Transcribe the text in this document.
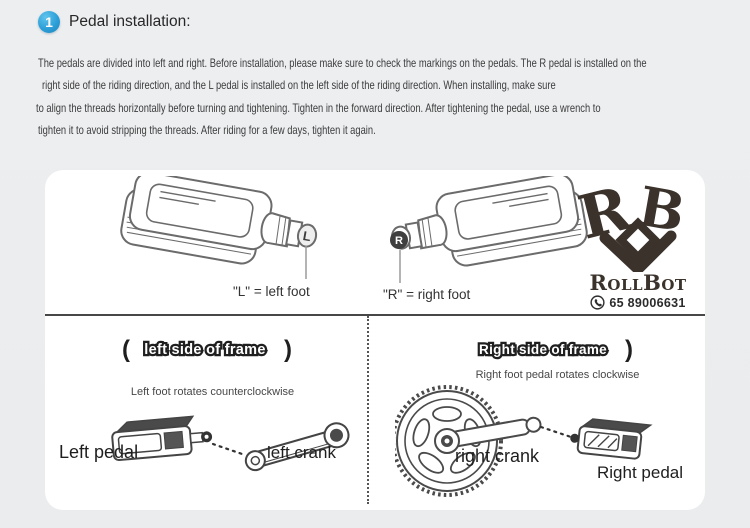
1 Pedal installation:
The pedals are divided into left and right. Before installation, please make sure to check the markings on the pedals. The R pedal is installed on the
right side of the riding direction, and the L pedal is installed on the left side of the riding direction. When installing, make sure
to align the threads horizontally before turning and tightening. Tighten in the forward direction. After tightening the pedal, use a wrench to
tighten it to avoid stripping the threads. After riding for a few days, tighten it again.
L	R
"L" = left foot	"R" = right foot
R
B
RollBot
65 89006631
( left side of frame )
Left foot rotates counterclockwise
Left pedal	left crank
Right side of frame )
Right foot pedal rotates clockwise
right crank
Right pedal
